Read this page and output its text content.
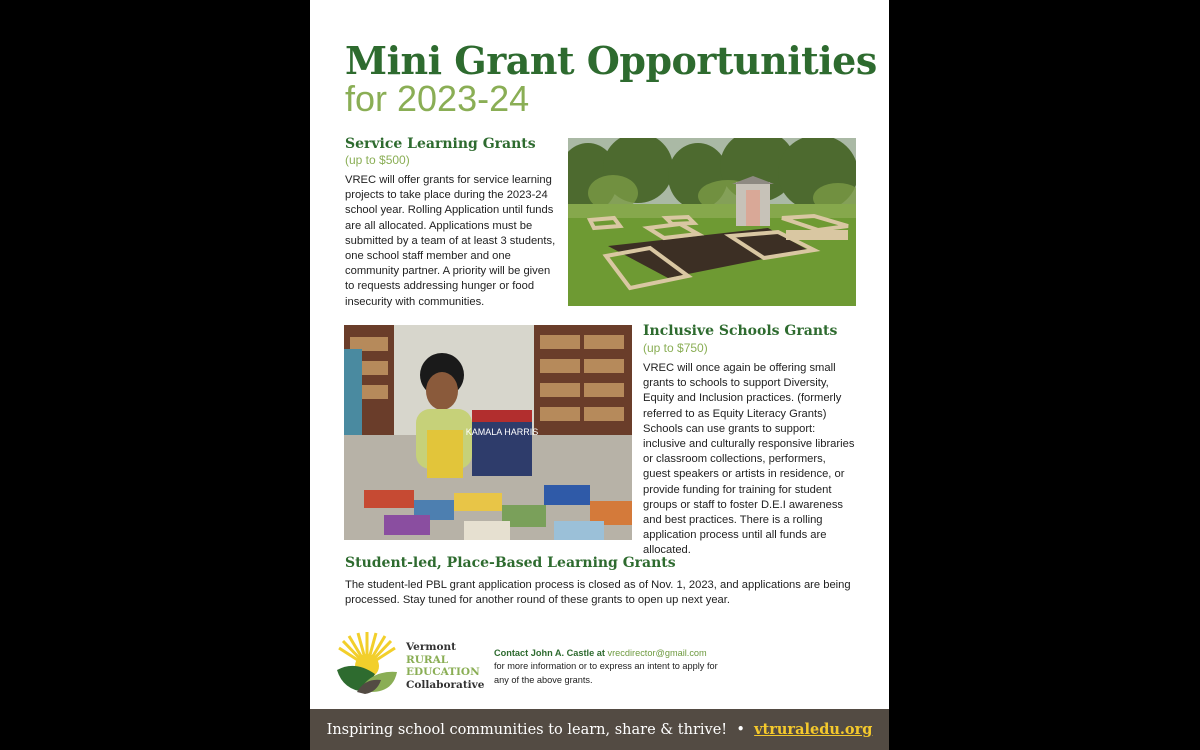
Mini Grant Opportunities
for 2023-24
Service Learning Grants
(up to $500)
VREC will offer grants for service learning projects to take place during the 2023-24 school year. Rolling Application until funds are all allocated. Applications must be submitted by a team of at least 3 students, one school staff member and one community partner. A priority will be given to requests addressing hunger or food insecurity with communities.
KAMALA HARRIS
Inclusive Schools Grants
(up to $750)
VREC will once again be offering small grants to schools to support Diversity, Equity and Inclusion practices. (formerly referred to as Equity Literacy Grants) Schools can use grants to support: inclusive and culturally responsive libraries or classroom collections, performers, guest speakers or artists in residence, or provide funding for training for student groups or staff to foster D.E.I awareness and best practices. There is a rolling application process until all funds are allocated.
Student-led, Place-Based Learning Grants
The student-led PBL grant application process is closed as of Nov. 1, 2023, and applications are being processed. Stay tuned for another round of these grants to open up next year.
Vermont
RURAL
EDUCATION
Collaborative
Contact John A. Castle at vrecdirector@gmail.com
for more information or to express an intent to apply for any of the above grants.
Inspiring school communities to learn, share & thrive! • vtruraledu.org
